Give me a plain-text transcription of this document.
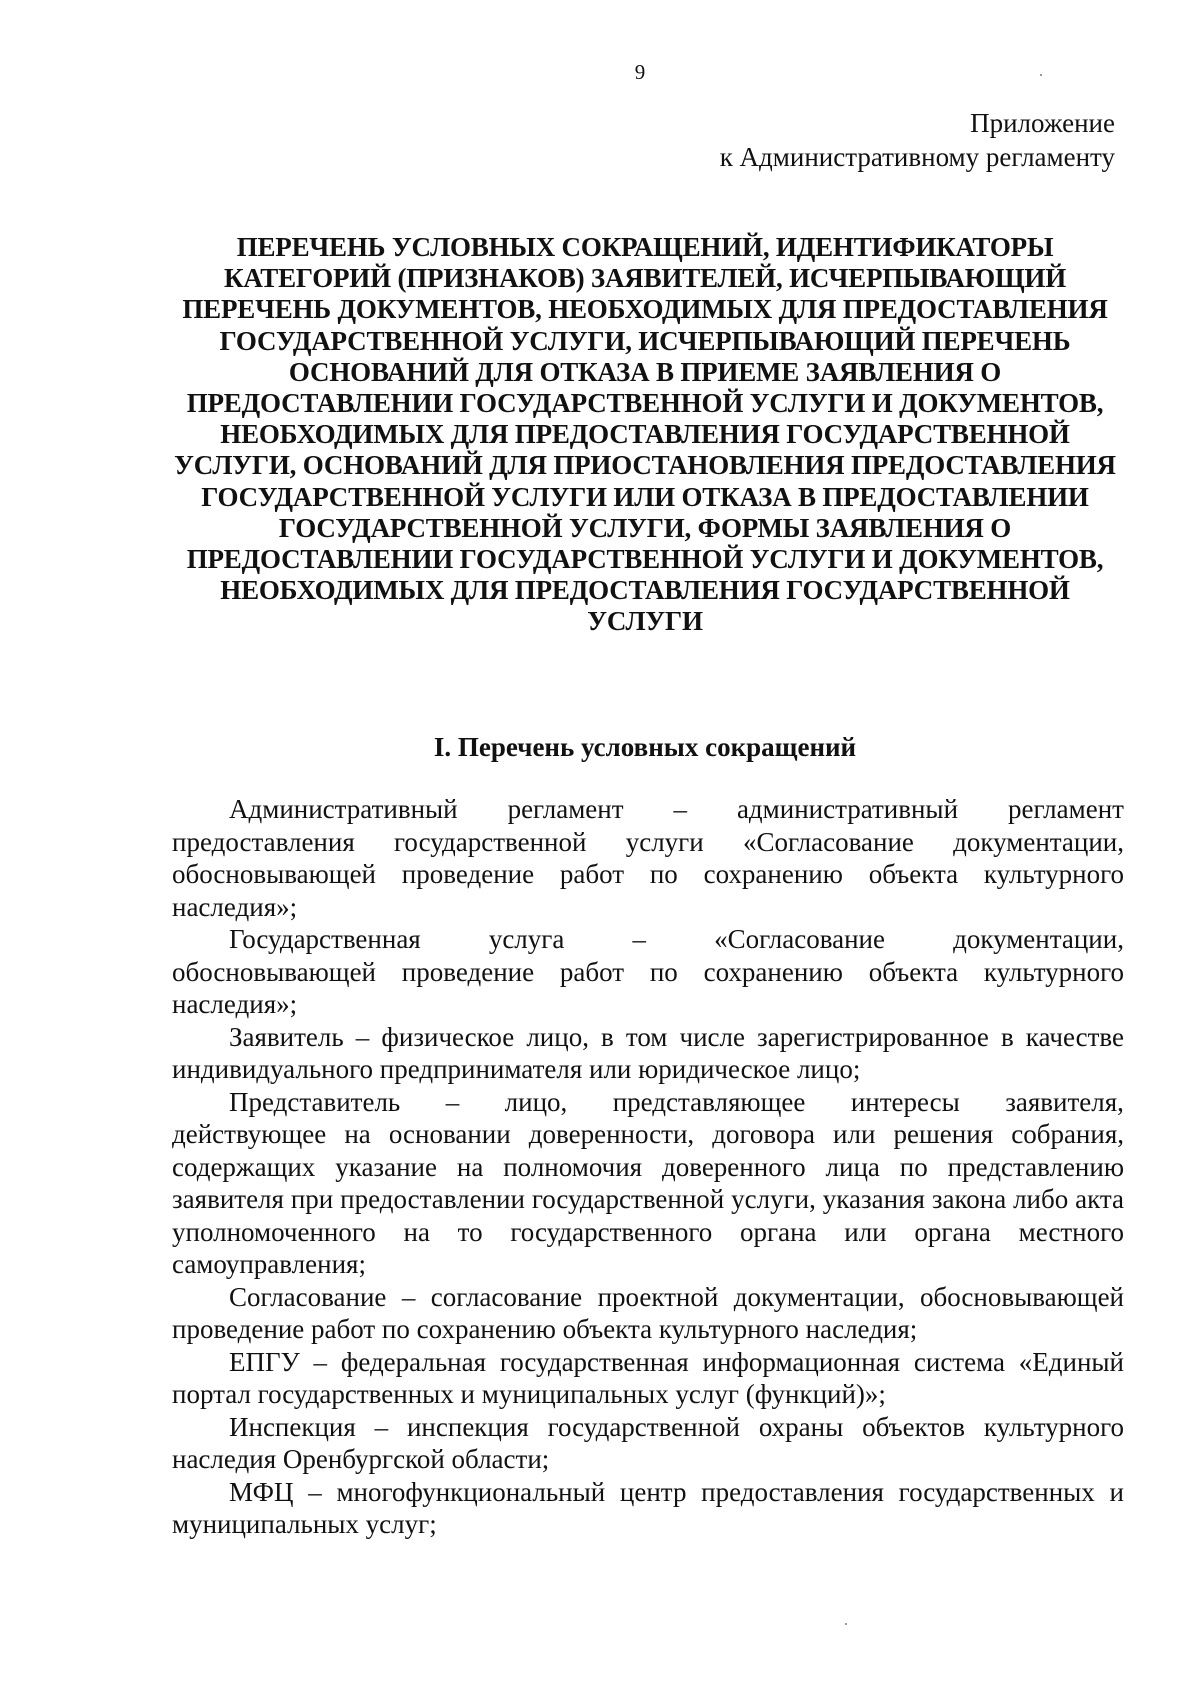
9
Приложение
к Административному регламенту
ПЕРЕЧЕНЬ УСЛОВНЫХ СОКРАЩЕНИЙ, ИДЕНТИФИКАТОРЫ
КАТЕГОРИЙ (ПРИЗНАКОВ) ЗАЯВИТЕЛЕЙ, ИСЧЕРПЫВАЮЩИЙ
ПЕРЕЧЕНЬ ДОКУМЕНТОВ, НЕОБХОДИМЫХ ДЛЯ ПРЕДОСТАВЛЕНИЯ
ГОСУДАРСТВЕННОЙ УСЛУГИ, ИСЧЕРПЫВАЮЩИЙ ПЕРЕЧЕНЬ
ОСНОВАНИЙ ДЛЯ ОТКАЗА В ПРИЕМЕ ЗАЯВЛЕНИЯ О
ПРЕДОСТАВЛЕНИИ ГОСУДАРСТВЕННОЙ УСЛУГИ И ДОКУМЕНТОВ,
НЕОБХОДИМЫХ ДЛЯ ПРЕДОСТАВЛЕНИЯ ГОСУДАРСТВЕННОЙ
УСЛУГИ, ОСНОВАНИЙ ДЛЯ ПРИОСТАНОВЛЕНИЯ ПРЕДОСТАВЛЕНИЯ
ГОСУДАРСТВЕННОЙ УСЛУГИ ИЛИ ОТКАЗА В ПРЕДОСТАВЛЕНИИ
ГОСУДАРСТВЕННОЙ УСЛУГИ, ФОРМЫ ЗАЯВЛЕНИЯ О
ПРЕДОСТАВЛЕНИИ ГОСУДАРСТВЕННОЙ УСЛУГИ И ДОКУМЕНТОВ,
НЕОБХОДИМЫХ ДЛЯ ПРЕДОСТАВЛЕНИЯ ГОСУДАРСТВЕННОЙ
УСЛУГИ
I. Перечень условных сокращений
Административный регламент – административный регламент

предоставления государственной услуги «Согласование документации, обосновывающей проведение работ по сохранению объекта культурного наследия»;

Государственная	услуга	–	«Согласование	документации,

обосновывающей проведение работ по сохранению объекта культурного наследия»;

Заявитель – физическое лицо, в том числе зарегистрированное в качестве индивидуального предпринимателя или юридическое лицо;

Представитель – лицо, представляющее интересы заявителя,

действующее на основании доверенности, договора или решения собрания, содержащих указание на полномочия доверенного лица по представлению заявителя при предоставлении государственной услуги, указания закона либо акта уполномоченного на то государственного органа или органа местного самоуправления;

Согласование – согласование проектной документации, обосновывающей проведение работ по сохранению объекта культурного наследия;

ЕПГУ – федеральная государственная информационная система «Единый портал государственных и муниципальных услуг (функций)»;

Инспекция – инспекция государственной охраны объектов культурного наследия Оренбургской области;

МФЦ – многофункциональный центр предоставления государственных и муниципальных услуг;
